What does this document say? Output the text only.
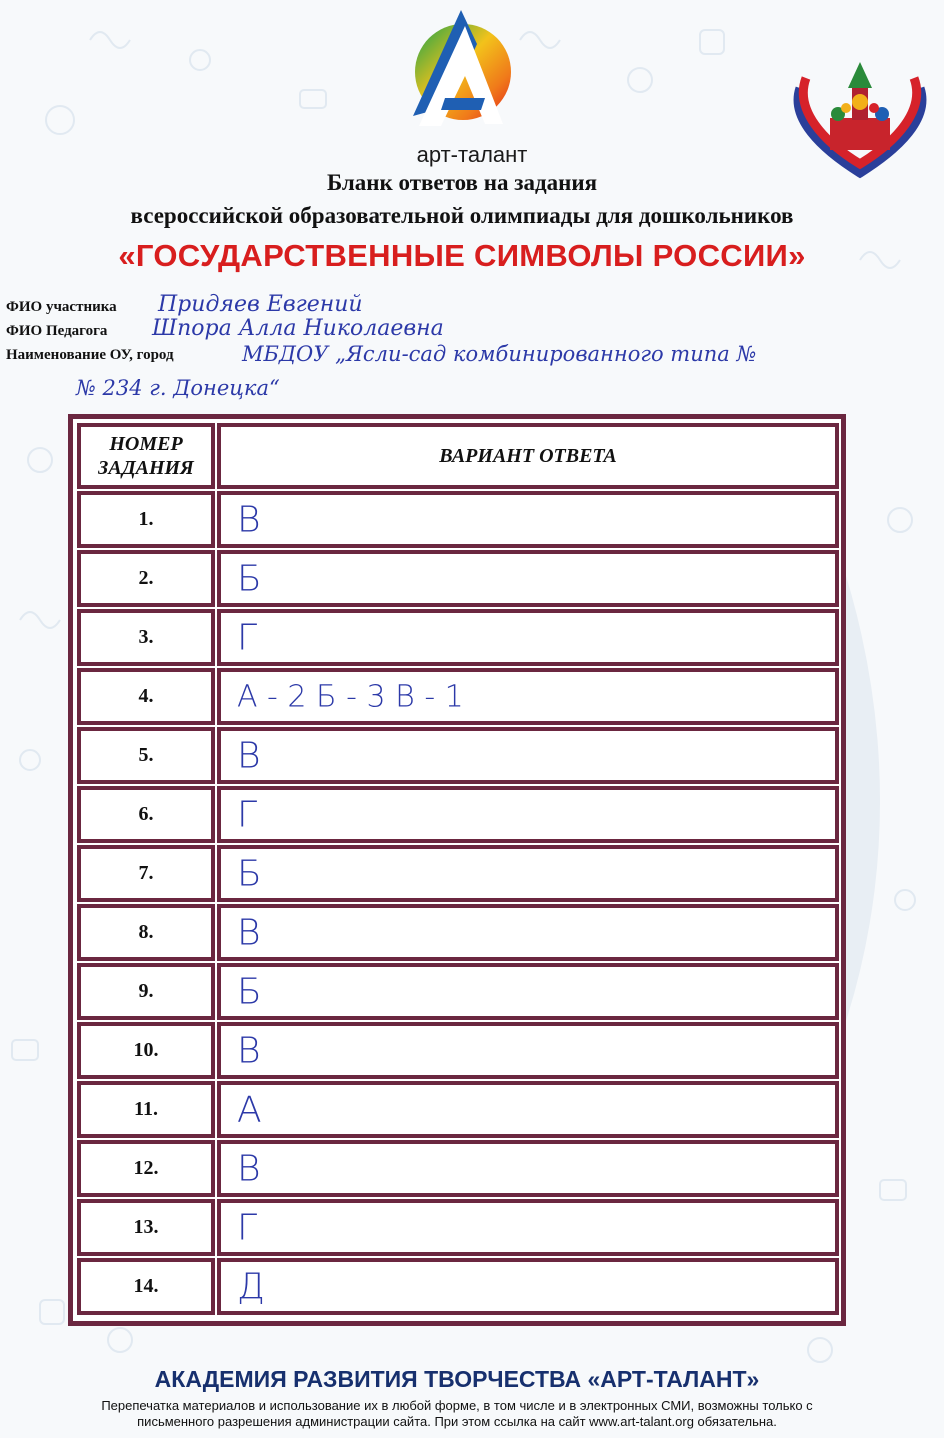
арт-талант
Бланк ответов на задания
всероссийской образовательной олимпиады для дошкольников
«ГОСУДАРСТВЕННЫЕ СИМВОЛЫ РОССИИ»
ФИО участника Придяев Евгений
ФИО Педагога Шпора Алла Николаевна
Наименование ОУ, город	МБДОУ „Ясли-сад комбинированного типа №
№ 234 г. Донецка“
НОМЕР ЗАДАНИЯ
ВАРИАНТ ОТВЕТА
1.	В
2.	Б
3.	Г
4.	А - 2 Б - 3 В - 1
5.	В
6.	Г
7.	Б
8.	В
9.	Б
10.	В
11.	А
12.	В
13.	Г
14.	Д
АКАДЕМИЯ РАЗВИТИЯ ТВОРЧЕСТВА «АРТ-ТАЛАНТ»
Перепечатка материалов и использование их в любой форме, в том числе и в электронных СМИ, возможны только с
письменного разрешения администрации сайта. При этом ссылка на сайт www.art-talant.org обязательна.
